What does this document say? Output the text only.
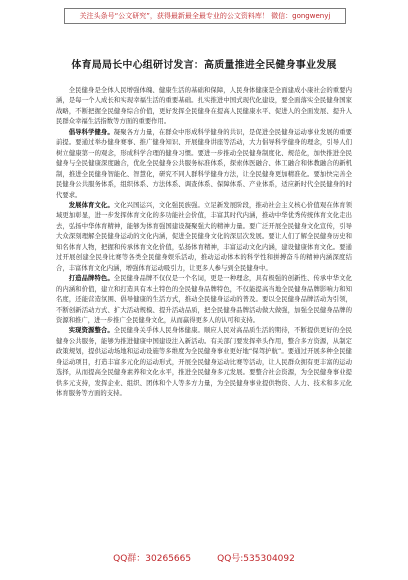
关注头条号“公文研究”，获得最新最全最专业的公文资料库！ 微信：gongwenyj
体育局局长中心组研讨发言：高质量推进全民健身事业发展

全民健身是全体人民增强体魄、健康生活的基础和保障，人民身体健康是全面建成小康社会的重要内涵，是每一个人成长和实现幸福生活的重要基础。扎实推进中国式现代化建设，要全面落实全民健身国家战略，不断把握全民健身综合价值，更好发挥全民健身在提高人民健康水平、促进人的全面发展、提升人民群众幸福生活指数等方面的重要作用。

倡导科学健身。凝聚各方力量，在群众中形成科学健身的共识，是促进全民健身运动事业发展的重要前提。要通过举办健身赛事、推广健身知识、开展健身讲座等活动，大力倡导科学健身的理念，引导人们树立健康第一的观念，形成科学合理的健身习惯。要进一步推动全民健身制度化、规范化，加快推进全民健身与全民健康深度融合，优化全民健身公共服务标准体系，探索体医融合、体工融合和体教融合的新机制，推进全民健身智能化、智慧化，研究不同人群科学健身方法，让全民健身更加精准化。要加快完善全民健身公共服务体系，组织体系、方法体系、调查体系、保障体系、产业体系，适应新时代全民健身的时代要求。

发展体育文化。文化兴国运兴，文化强民族强。立足新发展阶段，推动社会主义核心价值观在体育领域更加彰显，进一步发挥体育文化的多功能社会价值，丰富其时代内涵，推动中华优秀传统体育文化走出去，弘扬中华体育精神，能够为体育强国建设凝聚强大的精神力量。要广泛开展全民健身文化宣传，引导大众深刻理解全民健身运动的文化内涵，促进全民健身文化的深层次发展。要让人们了解全民健身历史和知名体育人物，把握和传承体育文化价值，弘扬体育精神，丰富运动文化内涵，建设健康体育文化。要通过开展创建全民身比赛等各类全民健身娱乐活动，推动运动体本的科学性和拼搏奋斗的精神内涵深度结合，丰富体育文化内涵，增强体育运动吸引力，让更多人参与到全民健身中。

打造品牌特色。全民健身品牌不仅仅是一个名词，更是一种理念，具有极强的创新性、传承中华文化的内涵和价值，建立和打造具有本土特色的全民健身品牌特色，不仅能提高当地全民健身品牌影响力和知名度，还能营造氛围、倡导健康的生活方式，推动全民健身运动的普及。要以全民健身品牌活动为引领，不断创新活动方式、扩大活动规模、提升活动品质，把全民健身品牌活动做大做强，加强全民健身品牌的资源和推广，进一步推广全民健身文化，从而赢得更多人的认可和支持。

实现资源整合。全民健身关乎体人民身体健康。顺应人民对高品质生活的期待，不断提供更好的全民健身公共服务，能够为推进健康中国建设注入新活动。有关部门要发挥牵头作用，整合多方资源，从制定政策规划，提供运动场地和运动设施等多维度为全民健身事业更好地“保驾护航”。要通过开展多种全民健身运动项目，打造丰富多元化的运动形式，开展全民健身运动比赛等活动，让人民群众拥有更丰富的运动选择，从而提高全民健身素养和文化水平，推进全民健身多元发展。要整合社会资源，为全民健身事业提供多元支持，发挥企业、组织、团体和个人等多方力量，为全民健身事业提供物资、人力、技术和多元化体育服务等方面的支持。

QQ群：30265665	QQ号:535304092
